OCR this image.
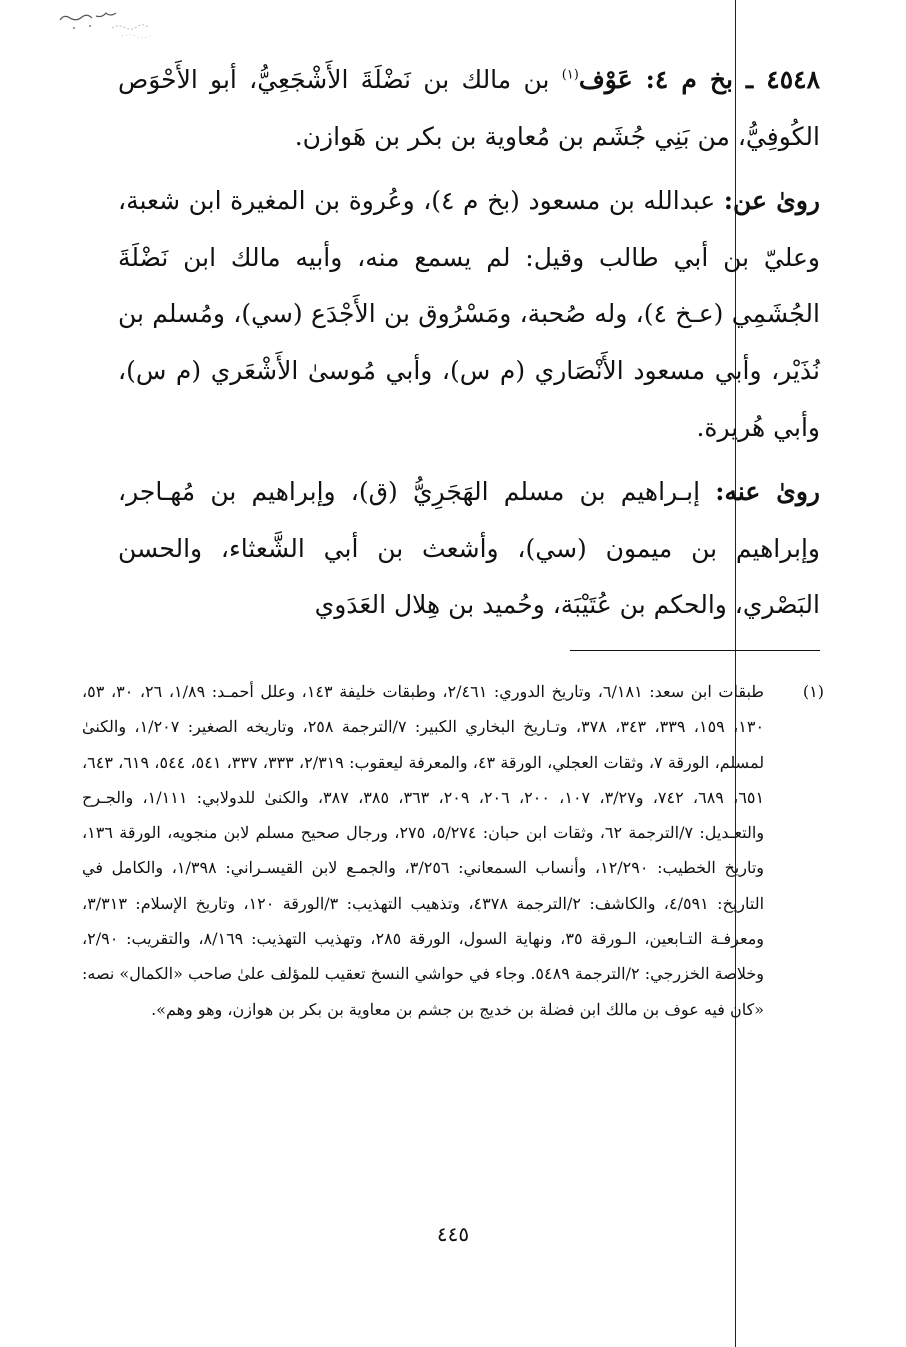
٤٥٤٨ ـ بخ م ٤: عَوْف$^{(١)}$ بن مالك بن نَضْلَةَ الأَشْجَعِيُّ، أبو الأَحْوَص الكُوفِيُّ، من بَنِي جُشَم بن مُعاوية بن بكر بن هَوازن.

روىٰ عن: عبدالله بن مسعود (بخ م ٤)، وعُروة بن المغيرة ابن شعبة، وعليّ بن أبي طالب وقيل: لم يسمع منه، وأبيه مالك ابن نَضْلَةَ الجُشَمِي (عـخ ٤)، وله صُحبة، ومَسْرُوق بن الأَجْدَع (سي)، ومُسلم بن نُذَيْر، وأبي مسعود الأَنْصَاري (م س)، وأبي مُوسىٰ الأَشْعَري (م س)، وأبي هُريرة.

روىٰ عنه: إبـراهيم بن مسلم الهَجَرِيُّ (ق)، وإبراهيم بن مُهـاجر، وإبراهيم بن ميمون (سي)، وأشعث بن أبي الشَّعثاء، والحسن البَصْري، والحكم بن عُتَيْبَة، وحُميد بن هِلال العَدَوي

(١)
طبقات ابن سعد: ٦/١٨١، وتاريخ الدوري: ٢/٤٦١، وطبقات خليفة ١٤٣، وعلل أحمـد: ١/٨٩، ٢٦، ٣٠، ٥٣، ١٣٠، ١٥٩، ٣٣٩، ٣٤٣، ٣٧٨، وتـاريخ البخاري الكبير: ٧/الترجمة ٢٥٨، وتاريخه الصغير: ١/٢٠٧، والكنىٰ لمسلم، الورقة ٧، وثقات العجلي، الورقة ٤٣، والمعرفة ليعقوب: ٢/٣١٩، ٣٣٣، ٣٣٧، ٥٤١، ٥٤٤، ٦١٩، ٦٤٣، ٦٥١، ٦٨٩، ٧٤٢، و٣/٢٧، ١٠٧، ٢٠٠، ٢٠٦، ٢٠٩، ٣٦٣، ٣٨٥، ٣٨٧، والكنىٰ للدولابي: ١/١١١، والجـرح والتعـديل: ٧/الترجمة ٦٢، وثقات ابن حبان: ٥/٢٧٤، ٢٧٥، ورجال صحيح مسلم لابن منجويه، الورقة ١٣٦، وتاريخ الخطيب: ١٢/٢٩٠، وأنساب السمعاني: ٣/٢٥٦، والجمـع لابن القيسـراني: ١/٣٩٨، والكامل في التاريخ: ٤/٥٩١، والكاشف: ٢/الترجمة ٤٣٧٨، وتذهيب التهذيب: ٣/الورقة ١٢٠، وتاريخ الإسلام: ٣/٣١٣، ومعرفـة التـابعين، الـورقة ٣٥، ونهاية السول، الورقة ٢٨٥، وتهذيب التهذيب: ٨/١٦٩، والتقريب: ٢/٩٠، وخلاصة الخزرجي: ٢/الترجمة ٥٤٨٩. وجاء في حواشي النسخ تعقيب للمؤلف علىٰ صاحب «الكمال» نصه: «كان فيه عوف بن مالك ابن فضلة بن خديج بن جشم بن معاوية بن بكر بن هوازن، وهو وهم».
٤٤٥
